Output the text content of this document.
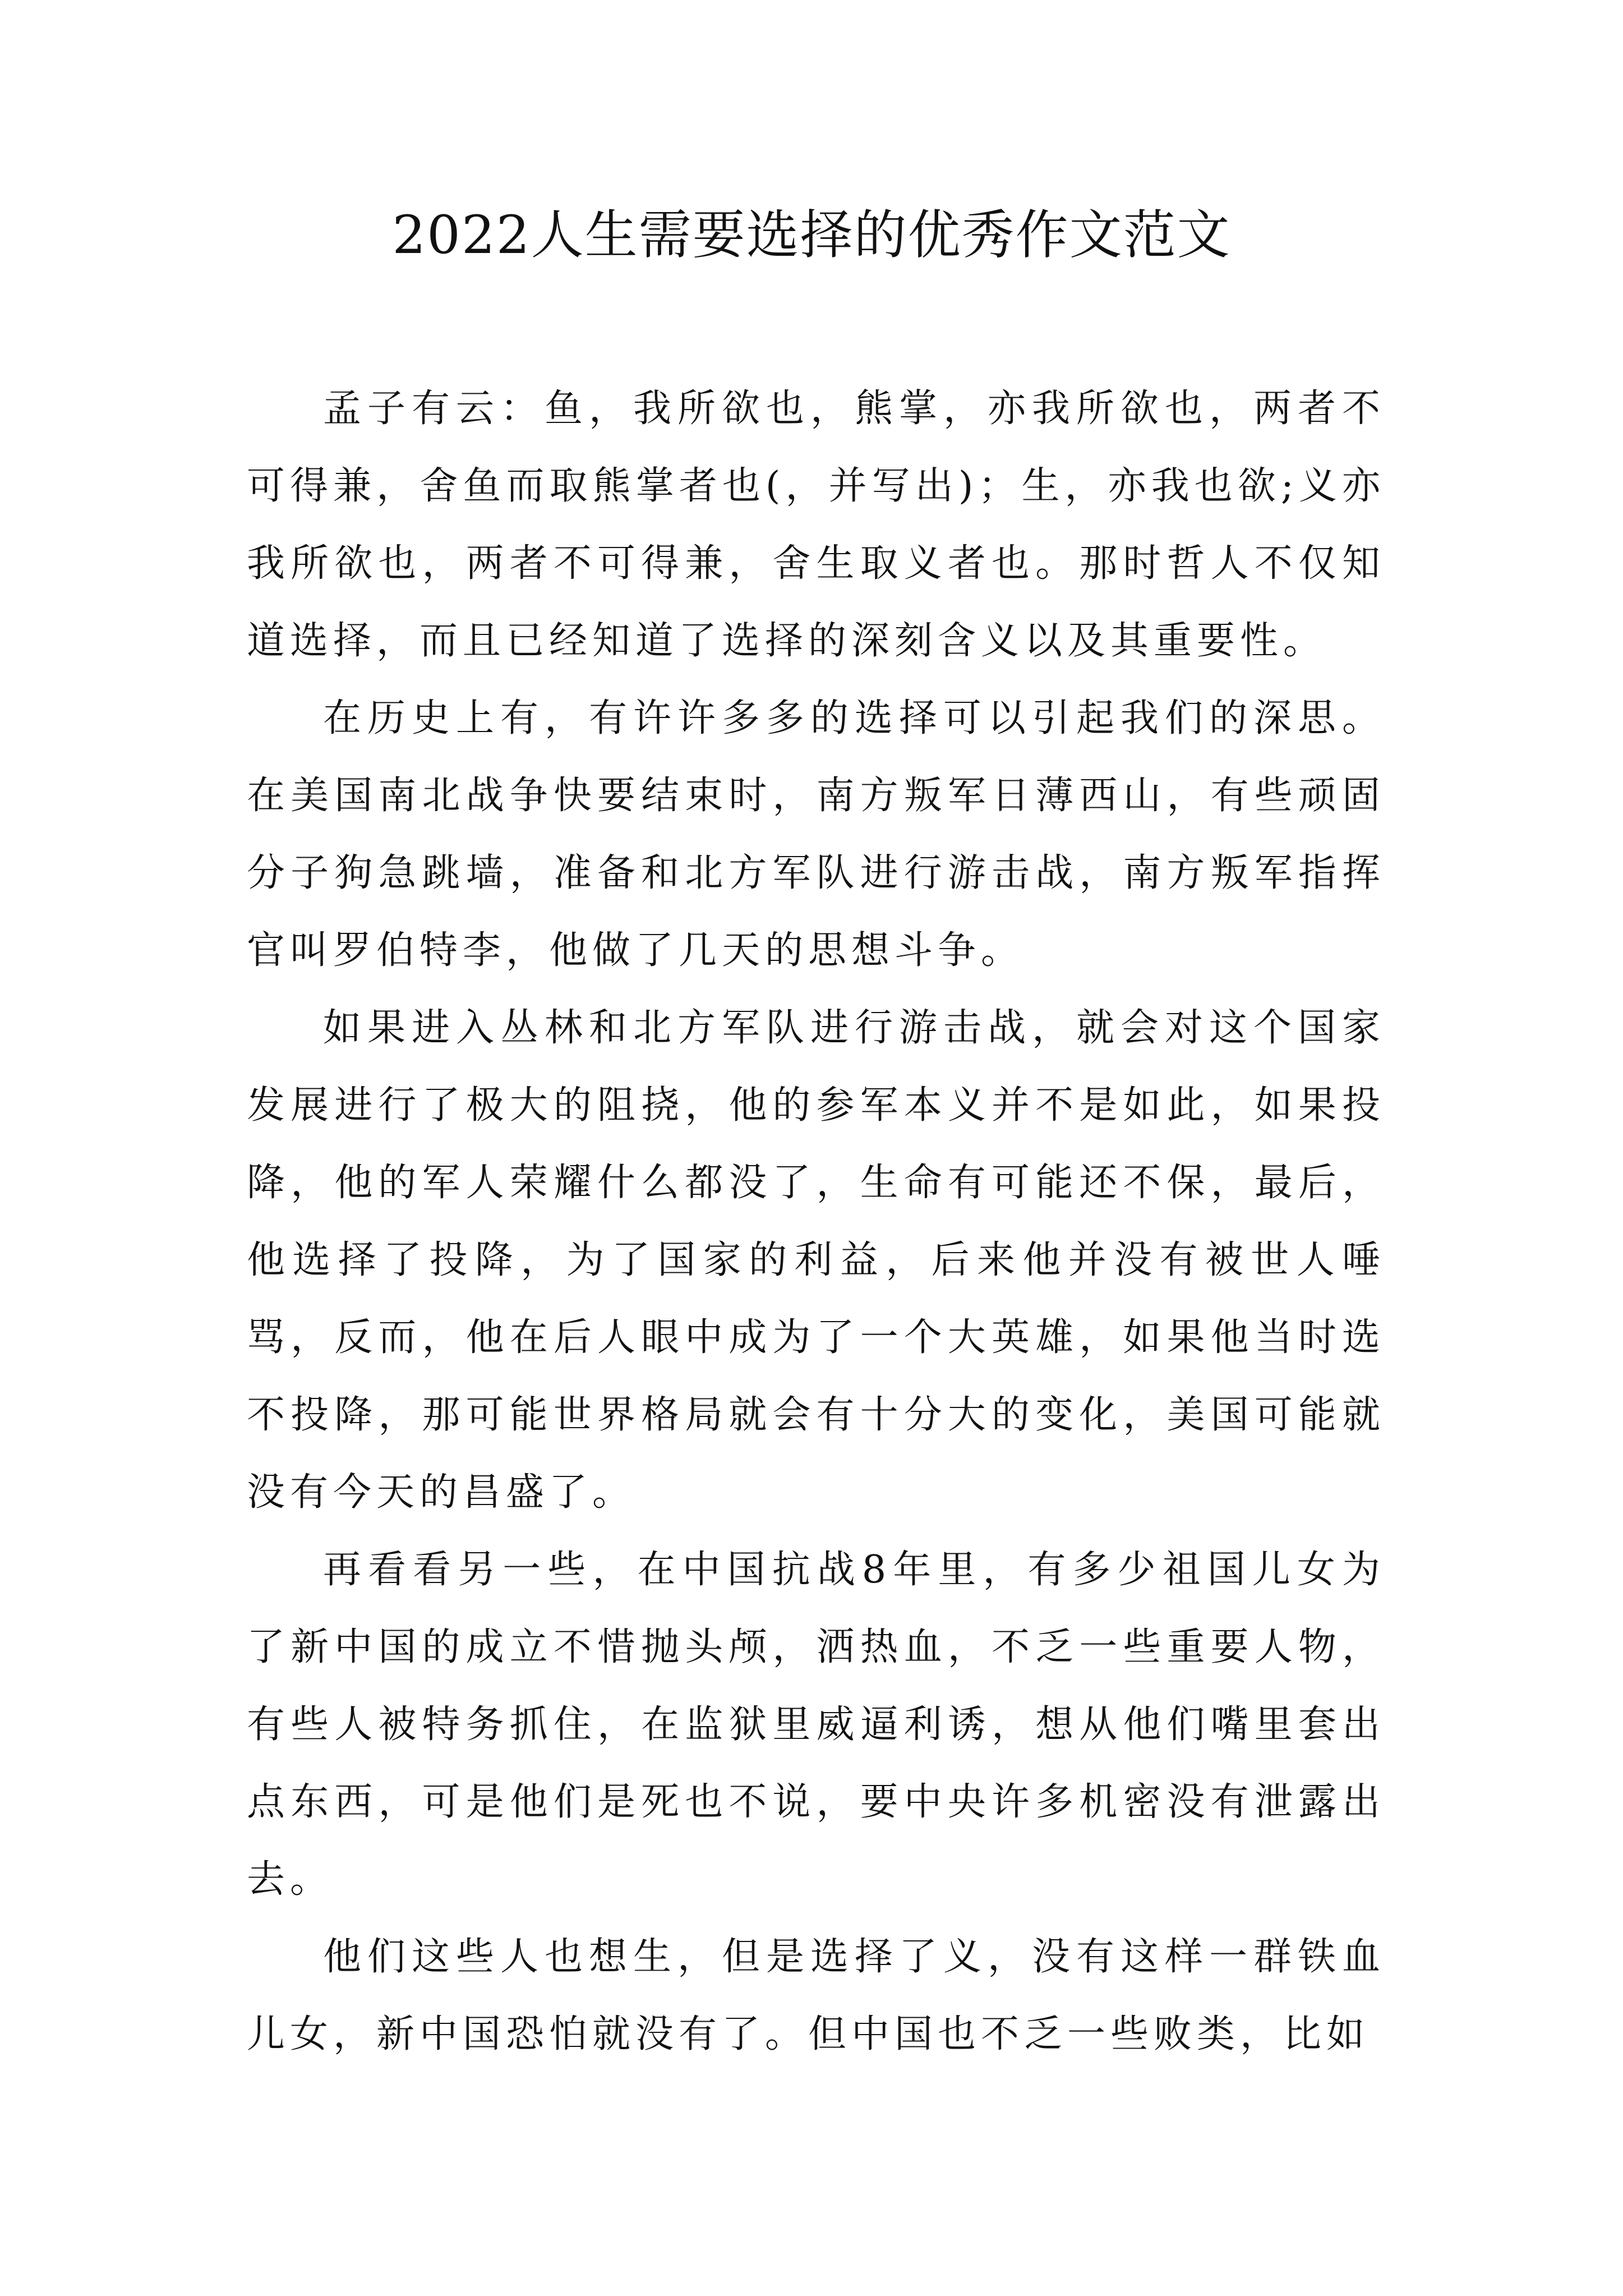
2022人生需要选择的优秀作文范文

孟子有云：鱼，我所欲也，熊掌，亦我所欲也，两者不可得兼，舍鱼而取熊掌者也(，并写出)；生，亦我也欲;义亦我所欲也，两者不可得兼，舍生取义者也。那时哲人不仅知道选择，而且已经知道了选择的深刻含义以及其重要性。

在历史上有，有许许多多的选择可以引起我们的深思。在美国南北战争快要结束时，南方叛军日薄西山，有些顽固分子狗急跳墙，准备和北方军队进行游击战，南方叛军指挥官叫罗伯特李，他做了几天的思想斗争。

如果进入丛林和北方军队进行游击战，就会对这个国家发展进行了极大的阻挠，他的参军本义并不是如此，如果投降，他的军人荣耀什么都没了，生命有可能还不保，最后，他选择了投降，为了国家的利益，后来他并没有被世人唾骂，反而，他在后人眼中成为了一个大英雄，如果他当时选不投降，那可能世界格局就会有十分大的变化，美国可能就没有今天的昌盛了。

再看看另一些，在中国抗战8年里，有多少祖国儿女为了新中国的成立不惜抛头颅，洒热血，不乏一些重要人物，有些人被特务抓住，在监狱里威逼利诱，想从他们嘴里套出点东西，可是他们是死也不说，要中央许多机密没有泄露出去。

他们这些人也想生，但是选择了义，没有这样一群铁血儿女，新中国恐怕就没有了。但中国也不乏一些败类，比如
